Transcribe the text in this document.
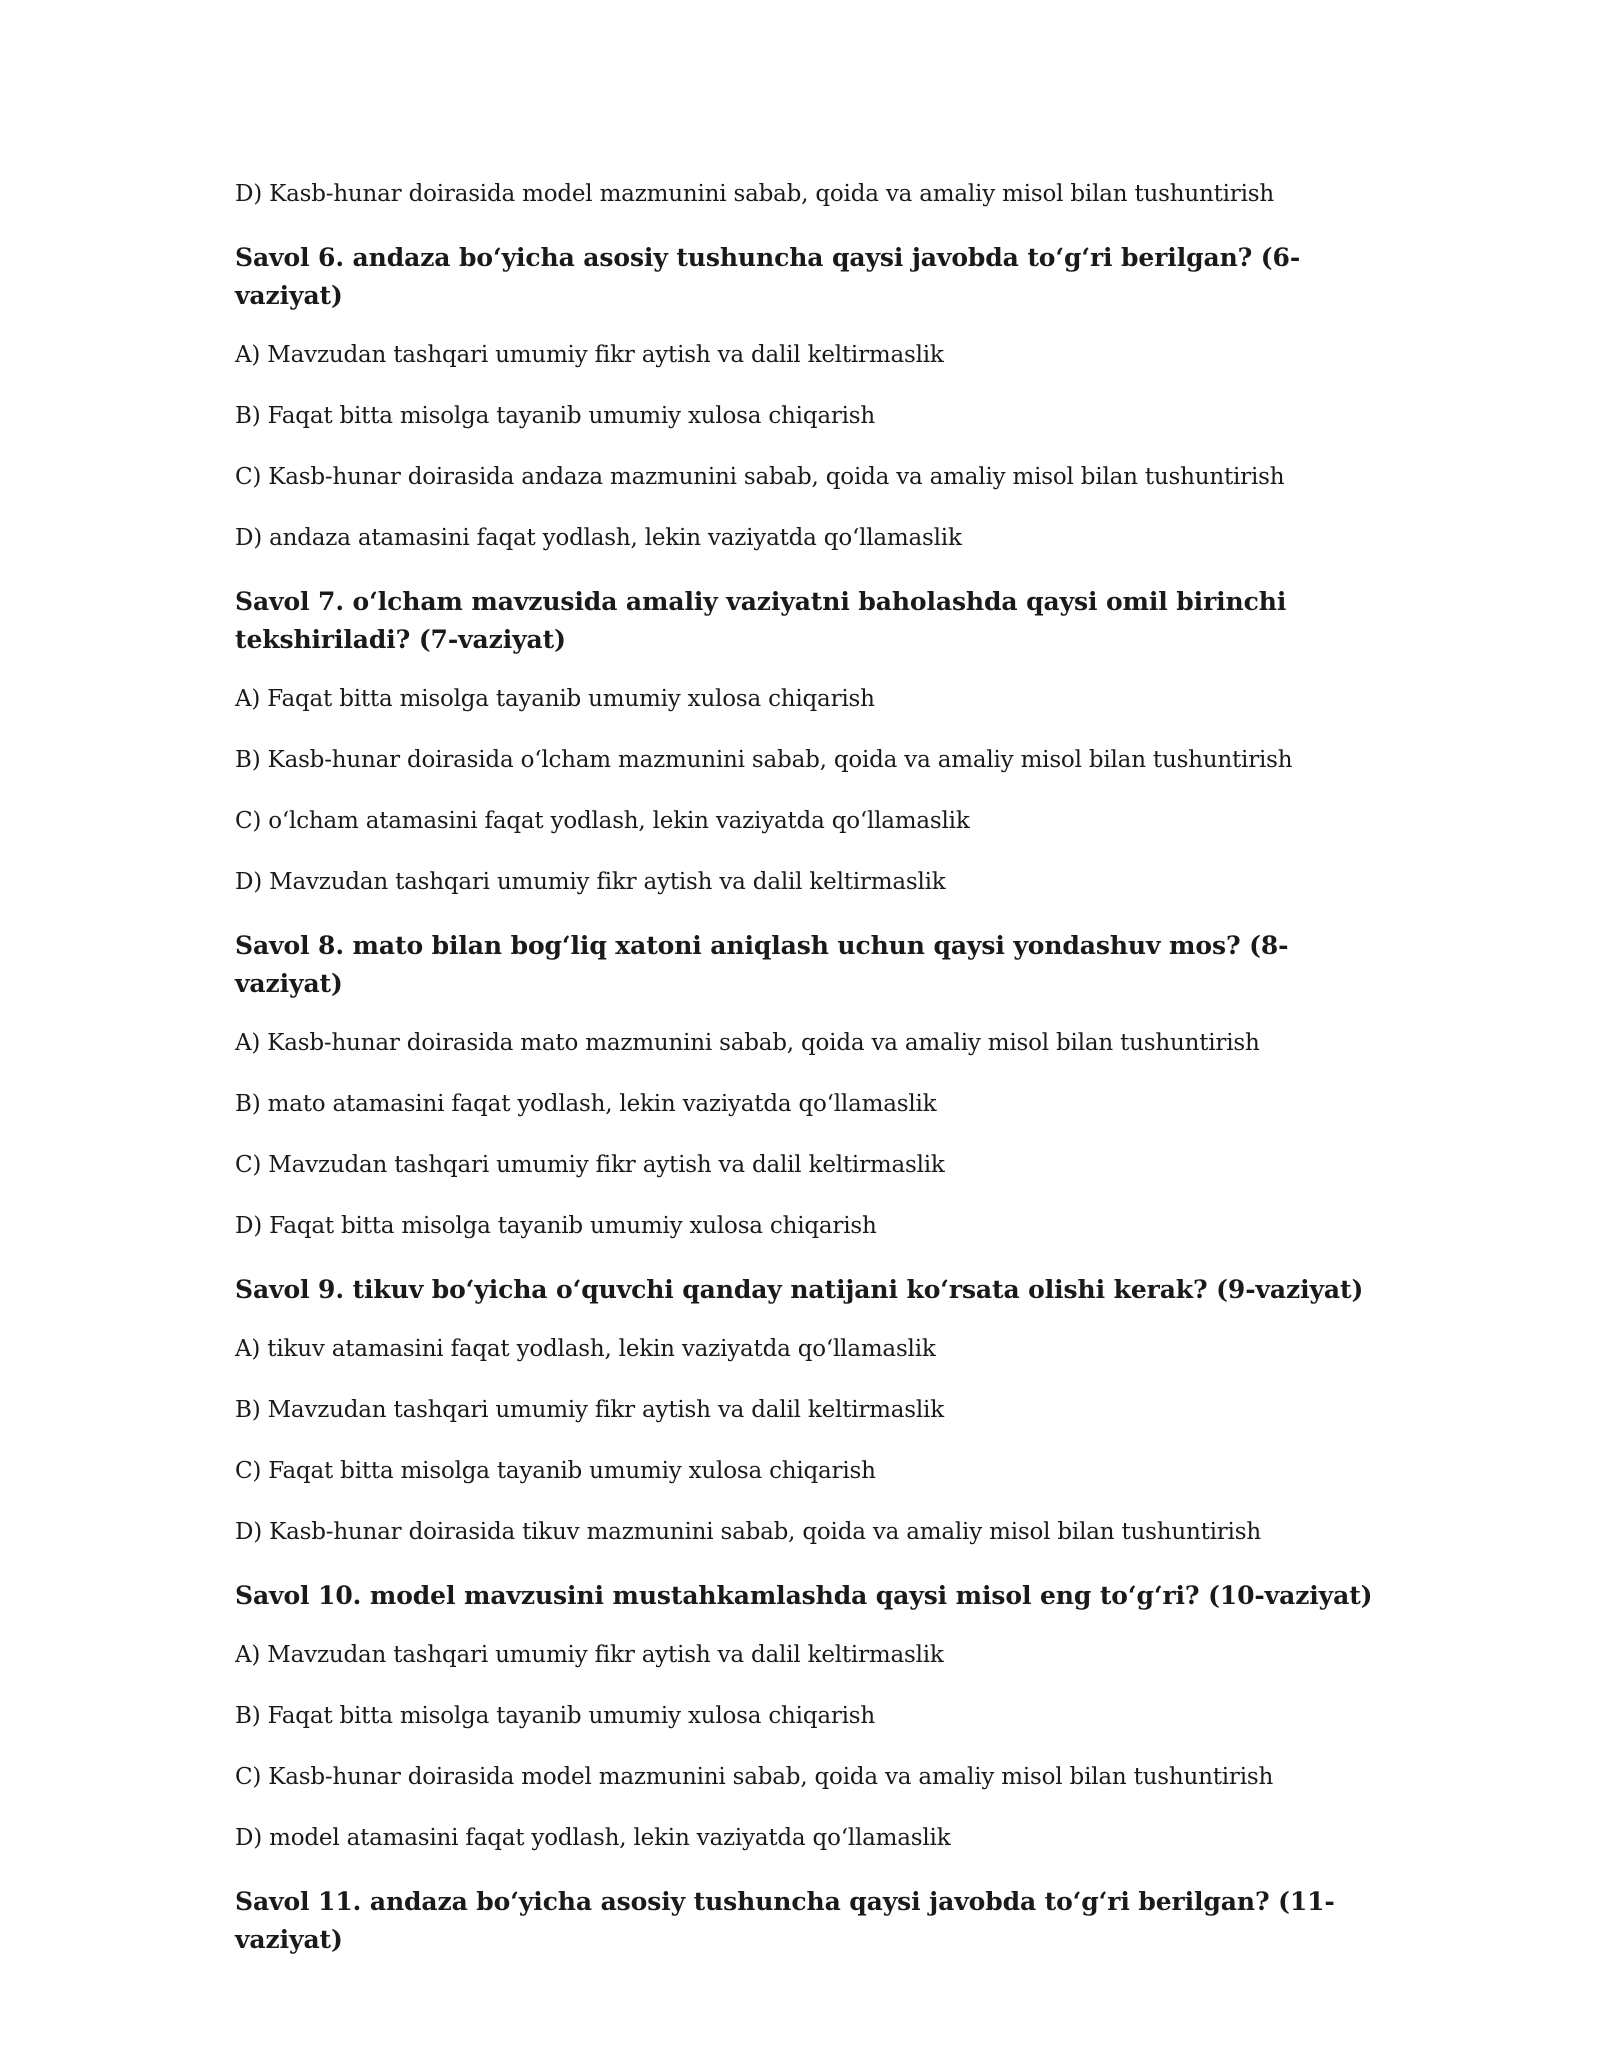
D) Kasb-hunar doirasida model mazmunini sabab, qoida va amaliy misol bilan tushuntirish

Savol 6. andaza bo‘yicha asosiy tushuncha qaysi javobda to‘g‘ri berilgan? (6-vaziyat)

A) Mavzudan tashqari umumiy fikr aytish va dalil keltirmaslik

B) Faqat bitta misolga tayanib umumiy xulosa chiqarish

C) Kasb-hunar doirasida andaza mazmunini sabab, qoida va amaliy misol bilan tushuntirish

D) andaza atamasini faqat yodlash, lekin vaziyatda qo‘llamaslik

Savol 7. o‘lcham mavzusida amaliy vaziyatni baholashda qaysi omil birinchi tekshiriladi? (7-vaziyat)

A) Faqat bitta misolga tayanib umumiy xulosa chiqarish

B) Kasb-hunar doirasida o‘lcham mazmunini sabab, qoida va amaliy misol bilan tushuntirish

C) o‘lcham atamasini faqat yodlash, lekin vaziyatda qo‘llamaslik

D) Mavzudan tashqari umumiy fikr aytish va dalil keltirmaslik

Savol 8. mato bilan bog‘liq xatoni aniqlash uchun qaysi yondashuv mos? (8-vaziyat)

A) Kasb-hunar doirasida mato mazmunini sabab, qoida va amaliy misol bilan tushuntirish

B) mato atamasini faqat yodlash, lekin vaziyatda qo‘llamaslik

C) Mavzudan tashqari umumiy fikr aytish va dalil keltirmaslik

D) Faqat bitta misolga tayanib umumiy xulosa chiqarish

Savol 9. tikuv bo‘yicha o‘quvchi qanday natijani ko‘rsata olishi kerak? (9-vaziyat)

A) tikuv atamasini faqat yodlash, lekin vaziyatda qo‘llamaslik

B) Mavzudan tashqari umumiy fikr aytish va dalil keltirmaslik

C) Faqat bitta misolga tayanib umumiy xulosa chiqarish

D) Kasb-hunar doirasida tikuv mazmunini sabab, qoida va amaliy misol bilan tushuntirish

Savol 10. model mavzusini mustahkamlashda qaysi misol eng to‘g‘ri? (10-vaziyat)

A) Mavzudan tashqari umumiy fikr aytish va dalil keltirmaslik

B) Faqat bitta misolga tayanib umumiy xulosa chiqarish

C) Kasb-hunar doirasida model mazmunini sabab, qoida va amaliy misol bilan tushuntirish

D) model atamasini faqat yodlash, lekin vaziyatda qo‘llamaslik

Savol 11. andaza bo‘yicha asosiy tushuncha qaysi javobda to‘g‘ri berilgan? (11-vaziyat)
